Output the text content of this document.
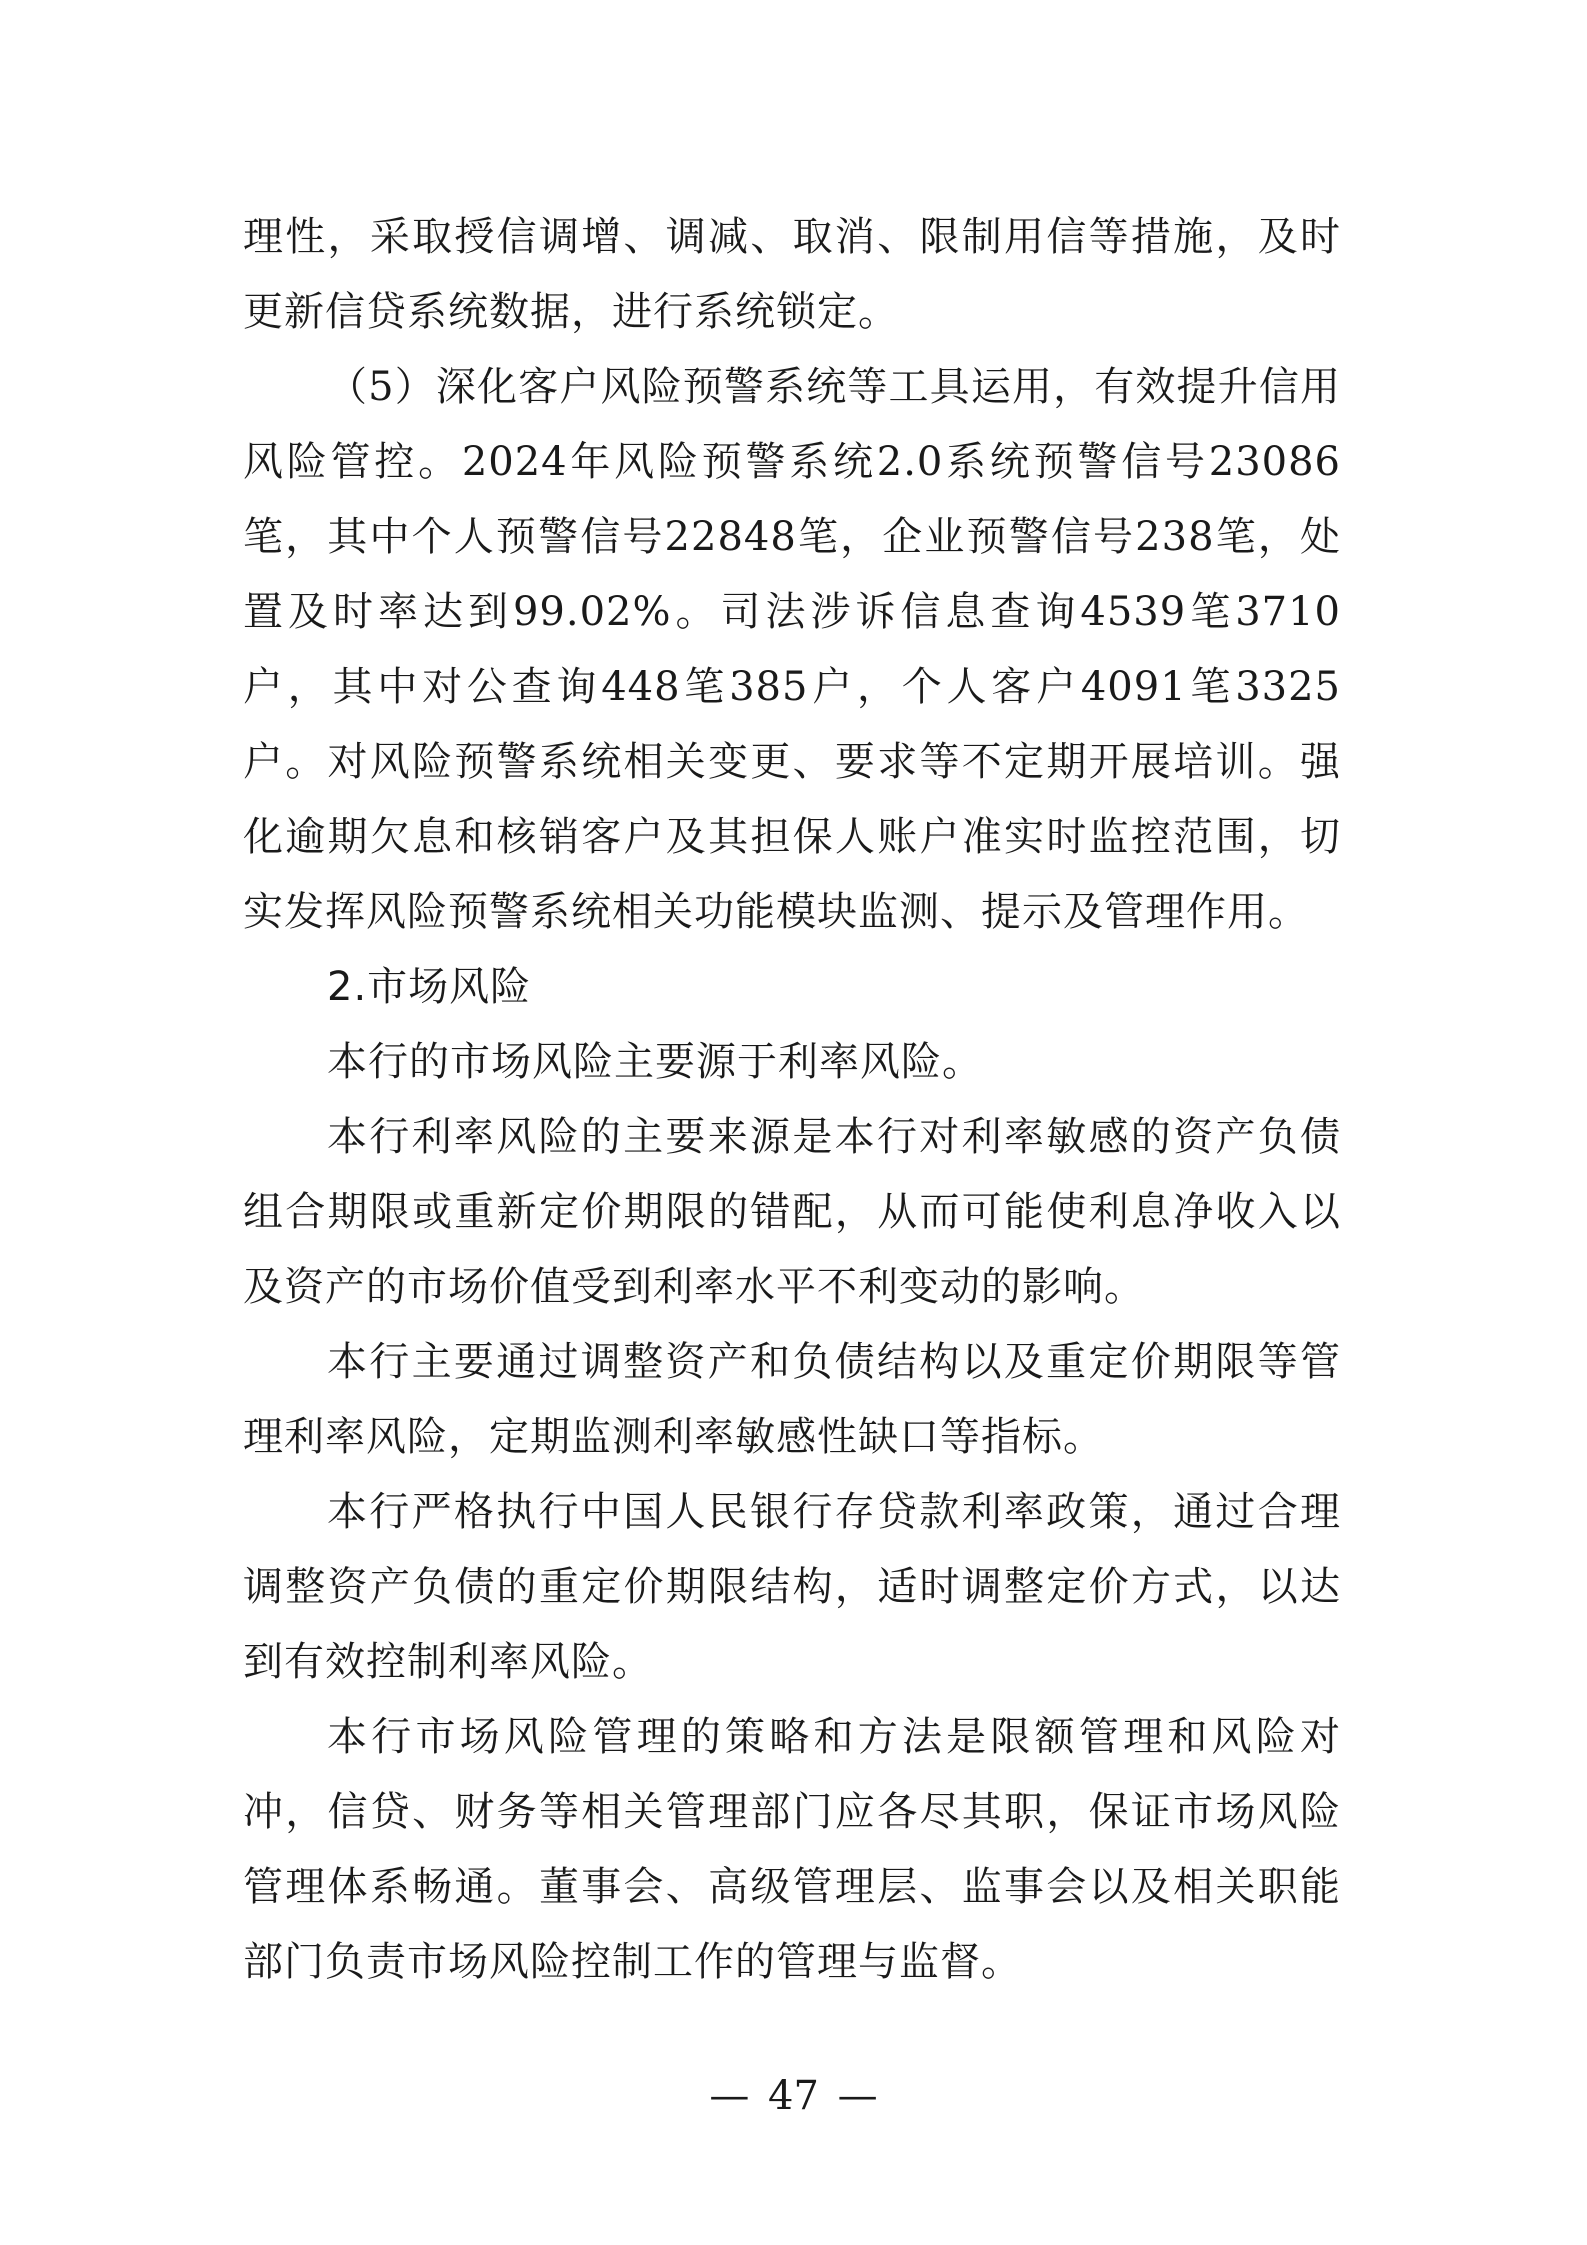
理性，采取授信调增、调减、取消、限制用信等措施，及时更新信贷系统数据，进行系统锁定。

（5）深化客户风险预警系统等工具运用，有效提升信用风险管控。2024年风险预警系统2.0系统预警信号23086笔，其中个人预警信号22848笔，企业预警信号238笔，处置及时率达到99.02%。司法涉诉信息查询4539笔3710户，其中对公查询448笔385户，个人客户4091笔3325户。对风险预警系统相关变更、要求等不定期开展培训。强化逾期欠息和核销客户及其担保人账户准实时监控范围，切实发挥风险预警系统相关功能模块监测、提示及管理作用。

2.市场风险

本行的市场风险主要源于利率风险。

本行利率风险的主要来源是本行对利率敏感的资产负债组合期限或重新定价期限的错配，从而可能使利息净收入以及资产的市场价值受到利率水平不利变动的影响。

本行主要通过调整资产和负债结构以及重定价期限等管理利率风险，定期监测利率敏感性缺口等指标。

本行严格执行中国人民银行存贷款利率政策，通过合理调整资产负债的重定价期限结构，适时调整定价方式，以达到有效控制利率风险。

本行市场风险管理的策略和方法是限额管理和风险对冲，信贷、财务等相关管理部门应各尽其职，保证市场风险管理体系畅通。董事会、高级管理层、监事会以及相关职能部门负责市场风险控制工作的管理与监督。

— 47 —
